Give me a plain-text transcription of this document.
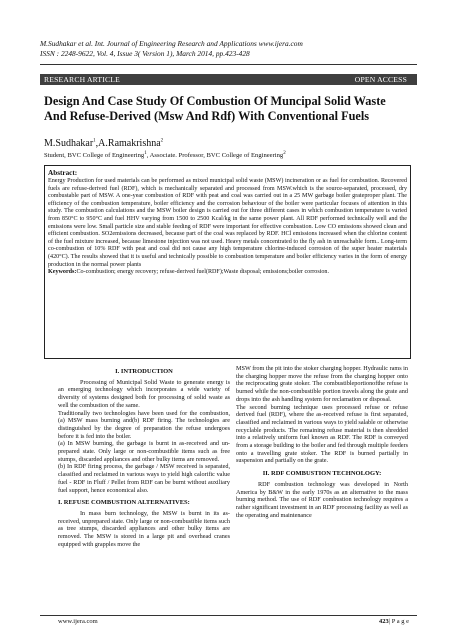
M.Sudhakar et al. Int. Journal of Engineering Research and Applications www.ijera.com
ISSN : 2248-9622, Vol. 4, Issue 3( Version 1), March 2014, pp.423-428
RESEARCH ARTICLE	OPEN ACCESS
Design And Case Study Of Combustion Of Muncipal Solid Waste
And Refuse-Derived (Msw And Rdf) With Conventional Fuels
M.Sudhakar$^1$,A.Ramakrishna$^2$
Student, BVC College of Engineering$^1$, Associate. Professor, BVC College of Engineering$^2$
Abstract:
Energy Production for used materials can be performed as mixed municipal solid waste (MSW) incineration or as fuel for combustion. Recovered fuels are refuse-derived fuel (RDF), which is mechanically separated and processed from MSW.which is the source-separated, processed, dry combustable part of MSW. A one-year combustion of RDF with peat and coal was carried out in a 25 MW garbage boiler grateproper plant. The efficiency of the combustion temperature, boiler efficiency and the corrosion behaviour of the boiler were particular focuses of attention in this study. The combustion calculations and the MSW boiler design is carried out for three different cases in which combustion temperature is varied from 850°C to 950°C and fuel HHV varying from 1500 to 2500 Kcal/kg in the same power plant. All RDF performed technically well and the emissions were low. Small particle size and stable feeding of RDF were important for effective combustion. Low CO emissions showed clean and efficient combustion. SO2emissions decreased, because part of the coal was replaced by RDF. HCl emissions increased when the chlorine content of the fuel mixture increased, because limestone injection was not used. Heavy metals concentrated to the fly ash in unreachable form.. Long-term co-combustion of 10% RDF with peat and coal did not cause any high temperature chlorine-induced corrosion of the super heater materials (420°C). The results showed that it is useful and technically possible to combustion temperature and boiler efficiency varies in the form of energy production in the normal power plants
Keywords:Co-combustion; energy recovery; refuse-derived fuel(RDF);Waste disposal; emissions;boiler corrosion.
I. INTRODUCTION

Processing of Municipal Solid Waste to generate energy is an emerging technology which incorporates a wide variety of diversity of systems designed both for processing of solid waste as well the combustion of the same.

Traditionally two technologies have been used for the combustion, (a) MSW mass burning and(b) RDF firing. The technologies are distinguished by the degree of preparation the refuse undergoes before it is fed into the boiler.

(a) In MSW burning, the garbage is burnt in as-received and un-prepared state. Only large or non-combustible items such as free stumps, discarded appliances and other bulky items are removed.

(b) In RDF firing process, the garbage / MSW received is separated, classified and reclaimed in various ways to yield high calorific value fuel - RDF in Fluff / Pellet from RDF can be burnt without auxiliary fuel support, hence economical also.

I. REFUSE COMBUSTION ALTERNATIVES:

In mass burn technology, the MSW is burnt in its as-received, unprepared state. Only large or non-combustible items such as tree stumps, discarded appliances and other bulky items are removed. The MSW is stored in a large pit and overhead cranes equipped with grapples move the

MSW from the pit into the stoker charging hopper. Hydraulic rams in the charging hopper move the refuse from the charging hopper onto the reciprocating grate stoker. The combustibleportionofthe refuse is burned while the non-combustible portion travels along the grate and drops into the ash handling system for reclamation or disposal.

The second burning technique uses processed refuse or refuse derived fuel (RDF), where the as-received refuse is first separated, classified and reclaimed in various ways to yield salable or otherwise recyclable products. The remaining refuse material is then shredded into a relatively uniform fuel known as RDF. The RDF is conveyed from a storage building to the boiler and fed through multiple feeders onto a travelling grate stoker. The RDF is burned partially in suspension and partially on the grate.

II. RDF COMBUSTION TECHNOLOGY:

RDF combustion technology was developed in North America by B&W in the early 1970s as an alternative to the mass burning method. The use of RDF combustion technology requires a rather significant investment in an RDF processing facility as well as the operating and maintenance

www.ijera.com	423| P a g e
